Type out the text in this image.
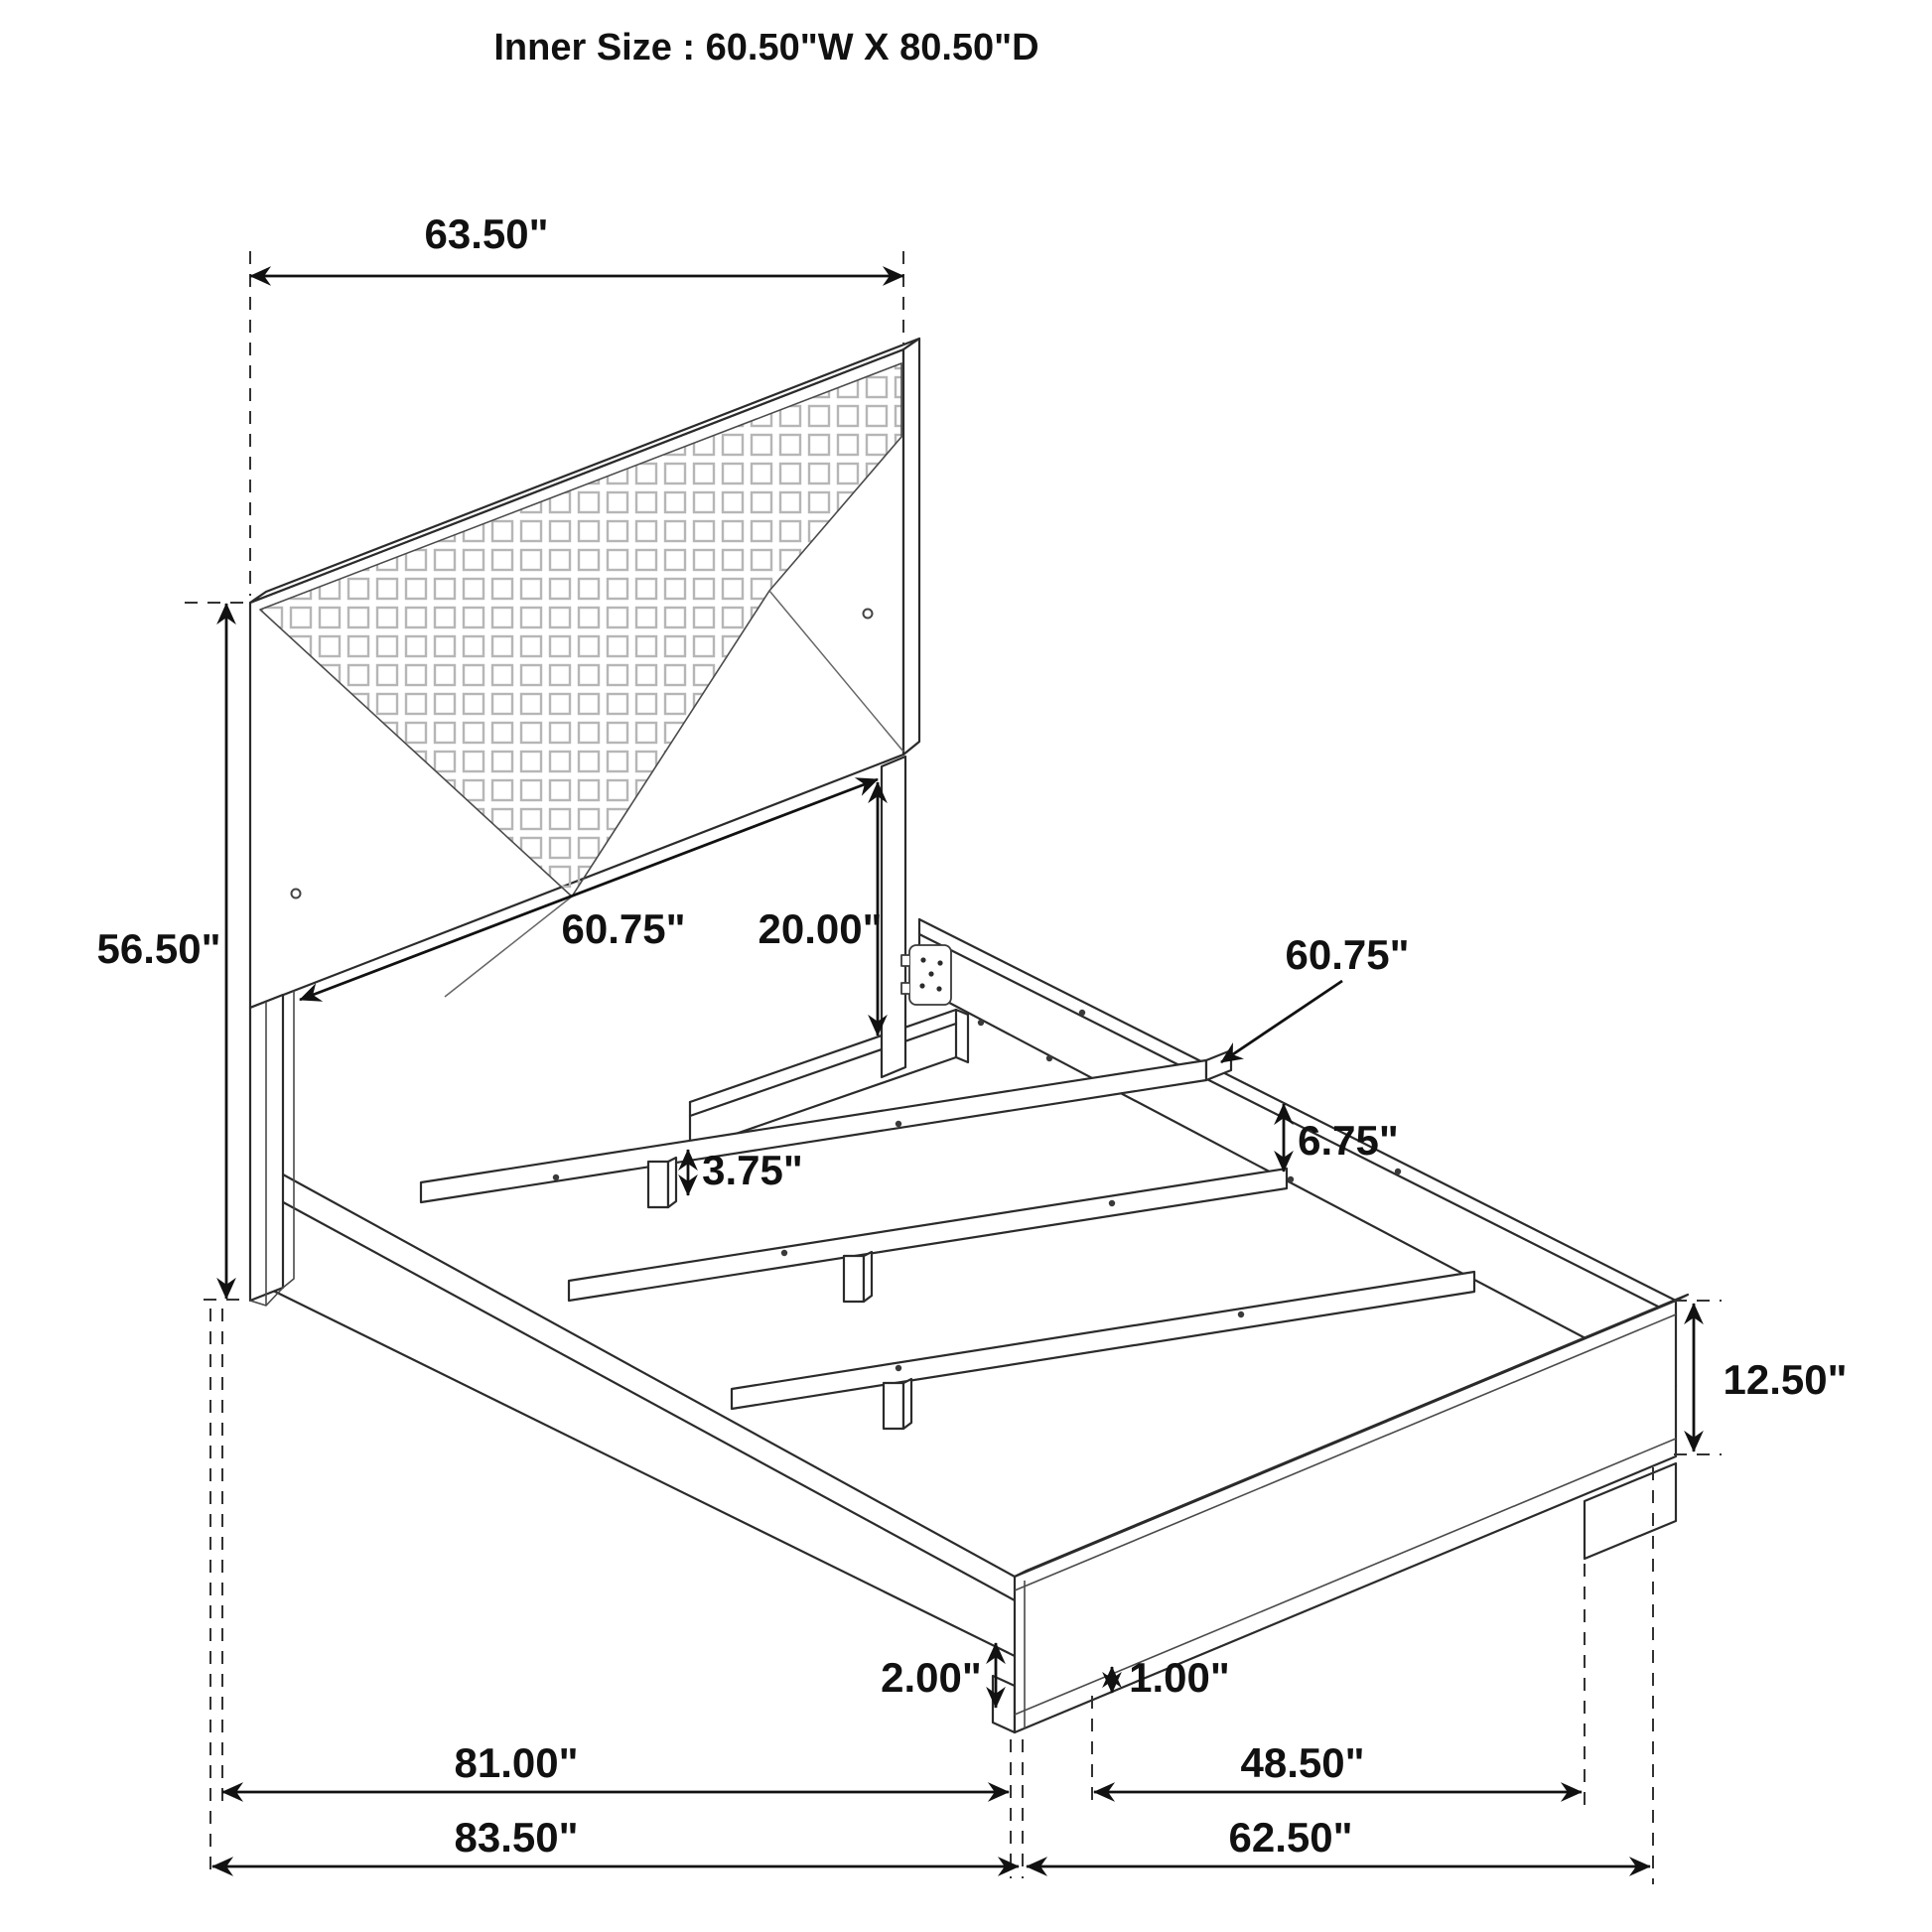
Inner Size : 60.50"W X 80.50"D
63.50"
56.50"	60.75" 20.00"
60.75"
6.75"
3.75"
12.50"
2.00"	1.00"
81.00"	48.50"
83.50"	62.50"
